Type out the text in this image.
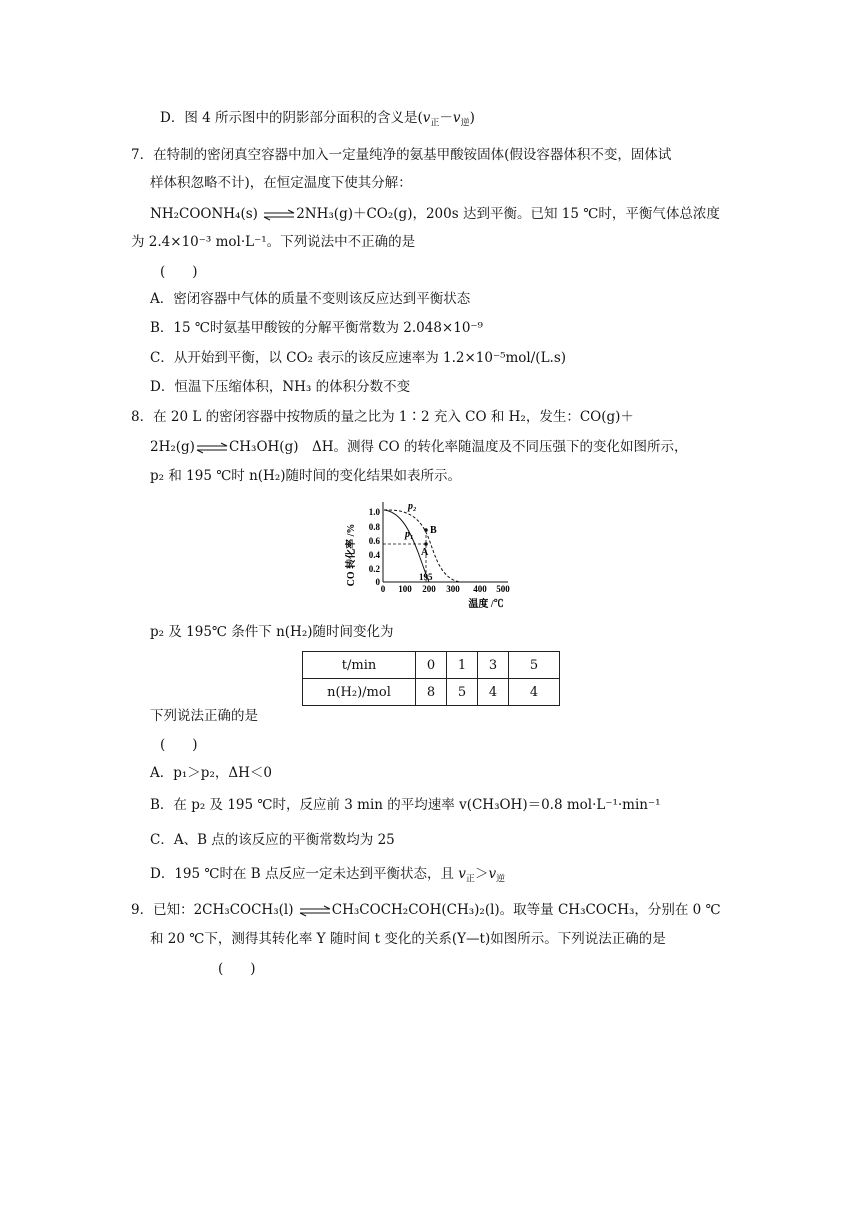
D．图 4 所示图中的阴影部分面积的含义是$(v_正-v_逆)$
7．在特制的密闭真空容器中加入一定量纯净的氨基甲酸铵固体(假设容器体积不变，固体试
样体积忽略不计)，在恒定温度下使其分解：
NH₂COONH₄(s) ⇌2NH₃(g)＋CO₂(g)，200s 达到平衡。已知 15 ℃时，平衡气体总浓度
为 2.4×10⁻³ mol·L⁻¹。下列说法中不正确的是
(　　)
A．密闭容器中气体的质量不变则该反应达到平衡状态
B．15 ℃时氨基甲酸铵的分解平衡常数为 2.048×10⁻⁹
C．从开始到平衡，以 CO₂ 表示的该反应速率为 1.2×10⁻⁵mol/(L.s)
D．恒温下压缩体积，NH₃ 的体积分数不变
8．在 20 L 的密闭容器中按物质的量之比为 1∶2 充入 CO 和 H₂，发生：CO(g)＋
2H₂(g)⇌CH₃OH(g)　ΔH。测得 CO 的转化率随温度及不同压强下的变化如图所示，
p₂ 和 195 ℃时 n(H₂)随时间的变化结果如表所示。
CO 转化率 /% 0
0.2
0.4
0.6
0.8
1.0
0 100 200 300 400 500
温度 /℃
A
B
p₁
p₂
195
p₂ 及 195℃ 条件下 n(H₂)随时间变化为
t/min	0	1	3	5
n(H₂)/mol	8	5	4	4
下列说法正确的是
(　　)
A．p₁＞p₂，ΔH＜0
B．在 p₂ 及 195 ℃时，反应前 3 min 的平均速率 v(CH₃OH)＝0.8 mol·L⁻¹·min⁻¹
C．A、B 点的该反应的平衡常数均为 25
D．195 ℃时在 B 点反应一定未达到平衡状态，且 $v_正>v_逆$
9．已知：2CH₃COCH₃(l) ⇌CH₃COCH₂COH(CH₃)₂(l)。取等量 CH₃COCH₃，分别在 0 ℃
和 20 ℃下，测得其转化率 Y 随时间 t 变化的关系(Y—t)如图所示。下列说法正确的是
(　　)
